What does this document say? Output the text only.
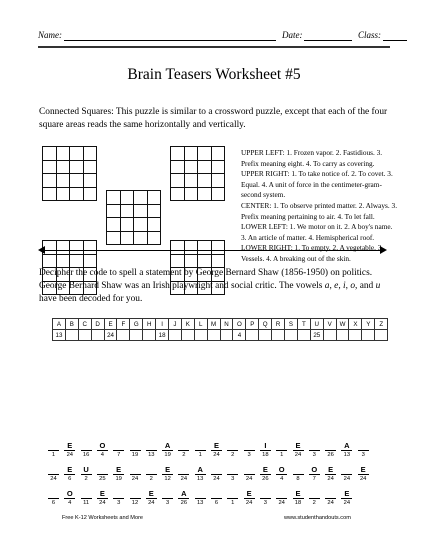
Name:	Date:	Class:
Brain Teasers Worksheet #5
Connected Squares: This puzzle is similar to a crossword puzzle, except that each of the four square areas reads the same horizontally and vertically.

UPPER LEFT: 1. Frozen vapor. 2. Fastidious. 3. Prefix meaning eight. 4. To carry as covering.
UPPER RIGHT: 1. To take notice of. 2. To covet. 3. Equal. 4. A unit of force in the centimeter-gram-second system.
CENTER: 1. To observe printed matter. 2. Always. 3. Prefix meaning pertaining to air. 4. To let fall.
LOWER LEFT: 1. We motor on it. 2. A boy's name. 3. An article of matter. 4. Hemispherical roof.
LOWER RIGHT: 1. To empty. 2. A vegetable. 3. Vessels. 4. A breaking out of the skin.
Decipher the code to spell a statement by George Bernard Shaw (1856-1950) on politics. George Bernard Shaw was an Irish playwright and social critic. The vowels a, e, i, o, and u have been decoded for you.
A	B	C	D	E	F	G	H	I	J	K	L	M	N	O	P	Q	R	S	T	U	V	W	X	Y	Z
13				24				18						4						25					
1
E
24	16
O
4	7	19	13
A
19	2	1
E
24	2	3
I
18	1
E
24	3	26
A
13	3
24
E
6
U
2	25
E
19	24	2
E
12	24
A
13	24	3	24
E
26
O
4	8
O
7
E
24	24
E
24
6
O
4	11
E
24	3	12
E
24	3
A
26	13	6	1
E
24	3	24
E
18	2	24
E
24
Free K-12 Worksheets and More	www.studenthandouts.com
